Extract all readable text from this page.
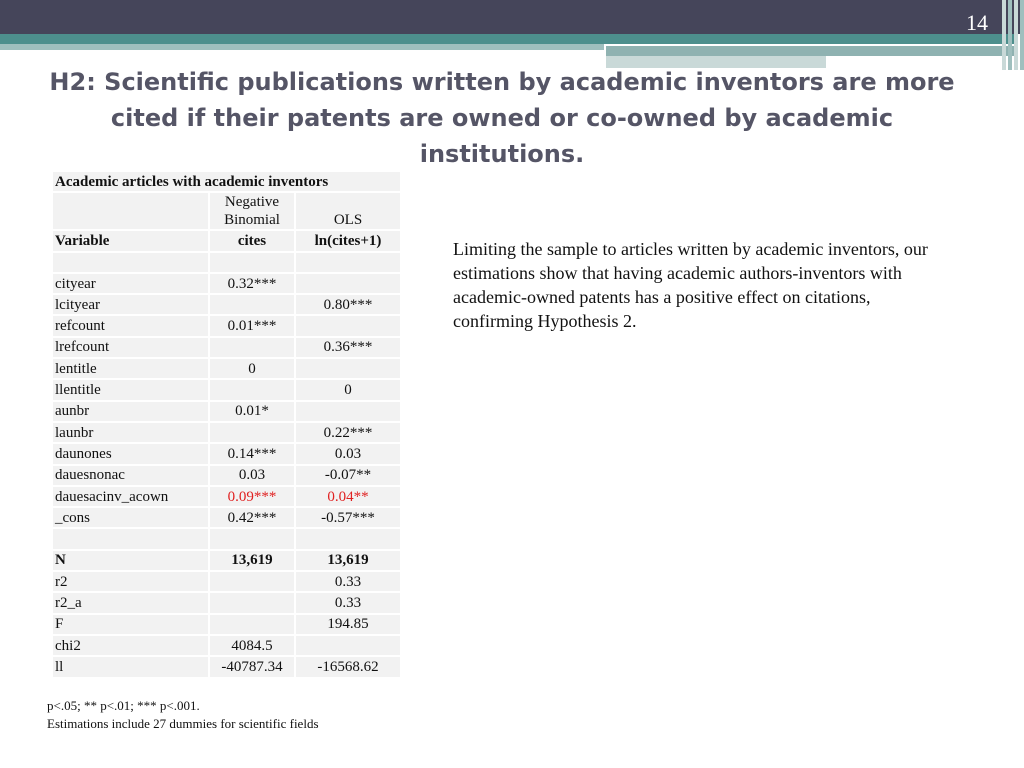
14
H2: Scientific publications written by academic inventors are more
cited if their patents are owned or co-owned by academic
institutions.
Academic articles with academic inventors		
	Negative Binomial	OLS
Variable	cites	ln(cites+1)

cityear	0.32***	
lcityear		0.80***
refcount	0.01***	
lrefcount		0.36***
lentitle	0	
llentitle		0
aunbr	0.01*	
launbr		0.22***
daunones	0.14***	0.03
dauesnonac	0.03	-0.07**
dauesacinv_acown	0.09***	0.04**
_cons	0.42***	-0.57***

N	13,619	13,619
r2		0.33
r2_a		0.33
F		194.85
chi2	4084.5	
ll	-40787.34	-16568.62
Limiting the sample to articles written by academic inventors, our estimations show that having academic authors-inventors with academic-owned patents has a positive effect on citations, confirming Hypothesis 2.
p<.05; ** p<.01; *** p<.001.
Estimations include 27 dummies for scientific fields
